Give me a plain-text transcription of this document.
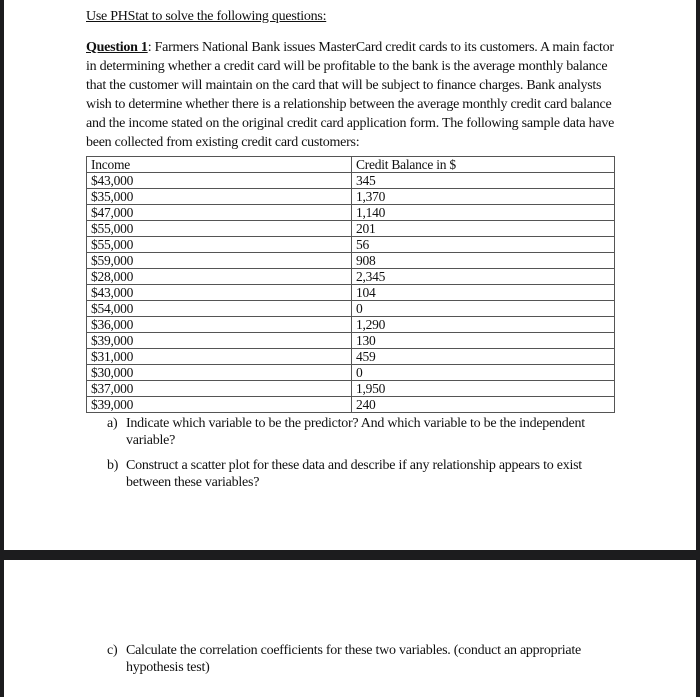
Use PHStat to solve the following questions:

Question 1: Farmers National Bank issues MasterCard credit cards to its customers. A main factor in determining whether a credit card will be profitable to the bank is the average monthly balance that the customer will maintain on the card that will be subject to finance charges. Bank analysts wish to determine whether there is a relationship between the average monthly credit card balance and the income stated on the original credit card application form. The following sample data have been collected from existing credit card customers:

Income	Credit Balance in $
$43,000	345
$35,000	1,370
$47,000	1,140
$55,000	201
$55,000	56
$59,000	908
$28,000	2,345
$43,000	104
$54,000	0
$36,000	1,290
$39,000	130
$31,000	459
$30,000	0
$37,000	1,950
$39,000	240
a) Indicate which variable to be the predictor? And which variable to be the independent variable?
b) Construct a scatter plot for these data and describe if any relationship appears to exist between these variables?
c) Calculate the correlation coefficients for these two variables. (conduct an appropriate hypothesis test)
